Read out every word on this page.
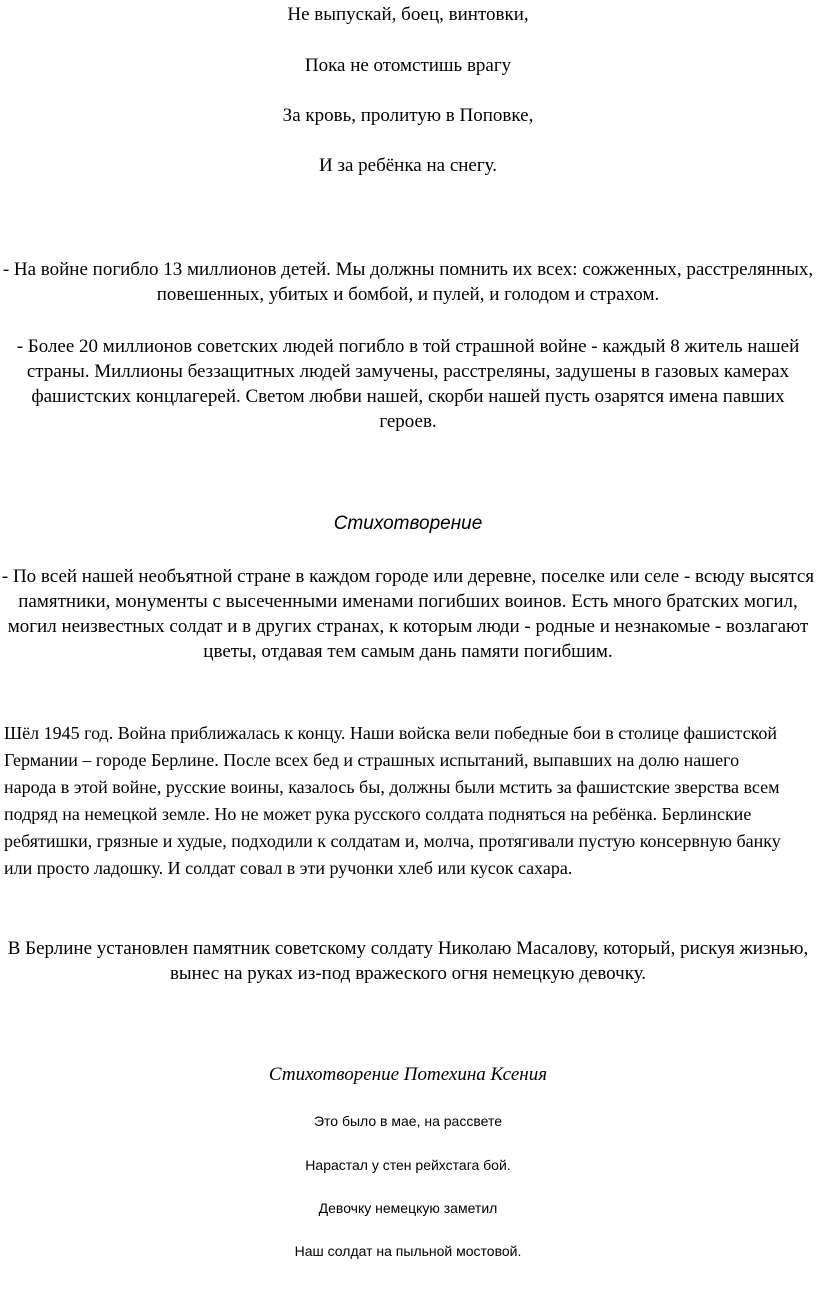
Не выпускай, боец, винтовки,

Пока не отомстишь врагу

За кровь, пролитую в Поповке,

И за ребёнка на снегу.

- На войне погибло 13 миллионов детей. Мы должны помнить их всех: сожженных, расстрелянных, повешенных, убитых и бомбой, и пулей, и голодом и страхом.

- Более 20 миллионов советских людей погибло в той страшной войне - каждый 8 житель нашей страны. Миллионы беззащитных людей замучены, расстреляны, задушены в газовых камерах фашистских концлагерей. Светом любви нашей, скорби нашей пусть озарятся имена павших героев.

Стихотворение

- По всей нашей необъятной стране в каждом городе или деревне, поселке или селе - всюду высятся памятники, монументы с высеченными именами погибших воинов. Есть много братских могил, могил неизвестных солдат и в других странах, к которым люди - родные и незнакомые - возлагают цветы, отдавая тем самым дань памяти погибшим.

Шёл 1945 год. Война приближалась к концу. Наши войска вели победные бои в столице фашистской Германии – городе Берлине. После всех бед и страшных испытаний, выпавших на долю нашего народа в этой войне, русские воины, казалось бы, должны были мстить за фашистские зверства всем подряд на немецкой земле. Но не может рука русского солдата подняться на ребёнка. Берлинские ребятишки, грязные и худые, подходили к солдатам и, молча, протягивали пустую консервную банку или просто ладошку. И солдат совал в эти ручонки хлеб или кусок сахара.

В Берлине установлен памятник советскому солдату Николаю Масалову, который, рискуя жизнью, вынес на руках из-под вражеского огня немецкую девочку.

Стихотворение Потехина Ксения

Это было в мае, на рассвете

Нарастал у стен рейхстага бой.

Девочку немецкую заметил

Наш солдат на пыльной мостовой.
